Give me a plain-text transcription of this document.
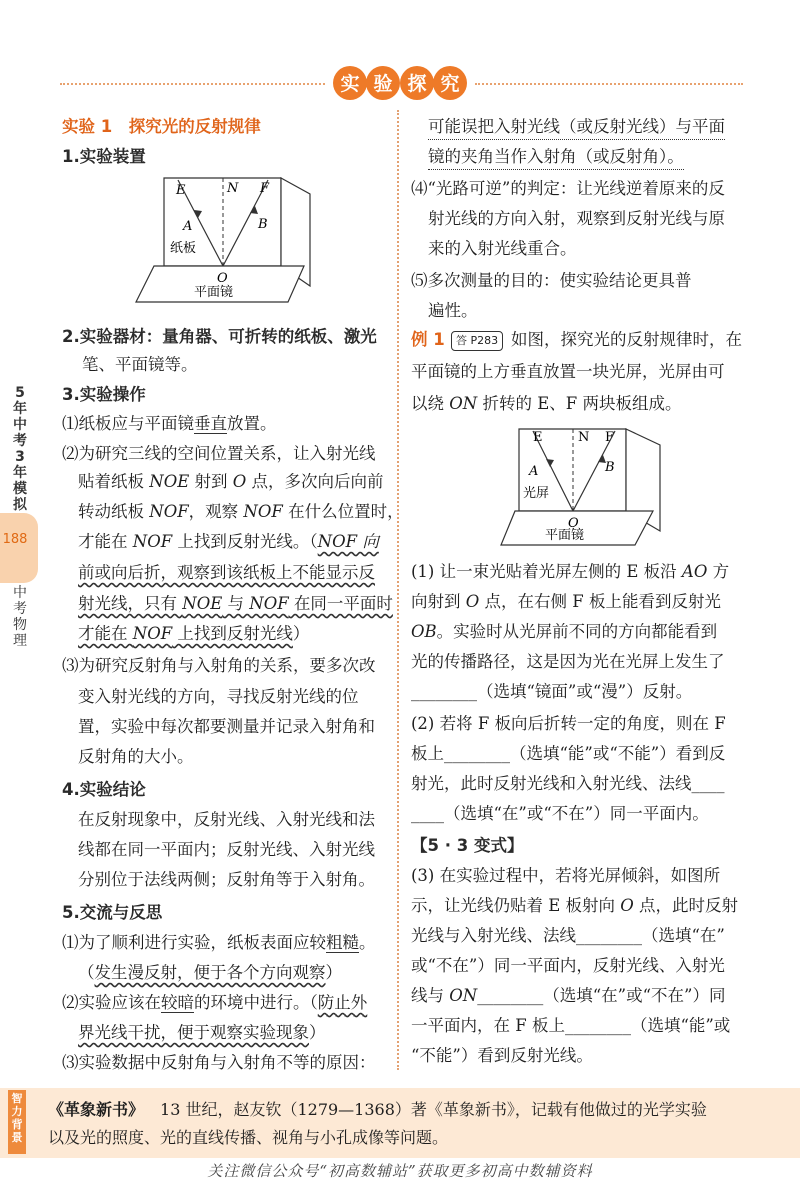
实 验 探 究
5
年
中
考
3
年
模
拟
188
中
考
物
理
实验 1　探究光的反射规律
1.实验装置
E	N F
A	B
纸板
O
平面镜
2.实验器材：量角器、可折转的纸板、激光
笔、平面镜等。
3.实验操作
⑴纸板应与平面镜垂直放置。
⑵为研究三线的空间位置关系，让入射光线
贴着纸板 NOE 射到 O 点，多次向后向前
转动纸板 NOF，观察 NOF 在什么位置时，
才能在 NOF 上找到反射光线。（NOF 向
前或向后折，观察到该纸板上不能显示反
射光线，只有 NOE 与 NOF 在同一平面时
才能在 NOF 上找到反射光线）
⑶为研究反射角与入射角的关系，要多次改
变入射光线的方向，寻找反射光线的位
置，实验中每次都要测量并记录入射角和
反射角的大小。
4.实验结论
在反射现象中，反射光线、入射光线和法
线都在同一平面内；反射光线、入射光线
分别位于法线两侧；反射角等于入射角。
5.交流与反思
⑴为了顺利进行实验，纸板表面应较粗糙。
（发生漫反射，便于各个方向观察）
⑵实验应该在较暗的环境中进行。（防止外
界光线干扰，便于观察实验现象）
⑶实验数据中反射角与入射角不等的原因：
可能误把入射光线（或反射光线）与平面
镜的夹角当作入射角（或反射角）。
⑷“光路可逆”的判定：让光线逆着原来的反
射光线的方向入射，观察到反射光线与原
来的入射光线重合。
⑸多次测量的目的：使实验结论更具普
遍性。
例 1	答 P283 如图，探究光的反射规律时，在
平面镜的上方垂直放置一块光屏，光屏由可
以绕 ON 折转的 E、F 两块板组成。
E	N F
A	B
光屏
O
平面镜
(1) 让一束光贴着光屏左侧的 E 板沿 AO 方
向射到 O 点，在右侧 F 板上能看到反射光
OB。实验时从光屏前不同的方向都能看到
光的传播路径，这是因为光在光屏上发生了
________（选填“镜面”或“漫”）反射。
(2) 若将 F 板向后折转一定的角度，则在 F
板上________（选填“能”或“不能”）看到反
射光，此时反射光线和入射光线、法线____
____（选填“在”或“不在”）同一平面内。
【5 · 3 变式】
(3) 在实验过程中，若将光屏倾斜，如图所
示，让光线仍贴着 E 板射向 O 点，此时反射
光线与入射光线、法线________（选填“在”
或“不在”）同一平面内，反射光线、入射光
线与 ON________（选填“在”或“不在”）同
一平面内，在 F 板上________（选填“能”或
“不能”）看到反射光线。
智
力
背
景
《革象新书》 13 世纪，赵友钦（1279—1368）著《革象新书》，记载有他做过的光学实验
以及光的照度、光的直线传播、视角与小孔成像等问题。
关注微信公众号“初高数辅站”获取更多初高中数辅资料
